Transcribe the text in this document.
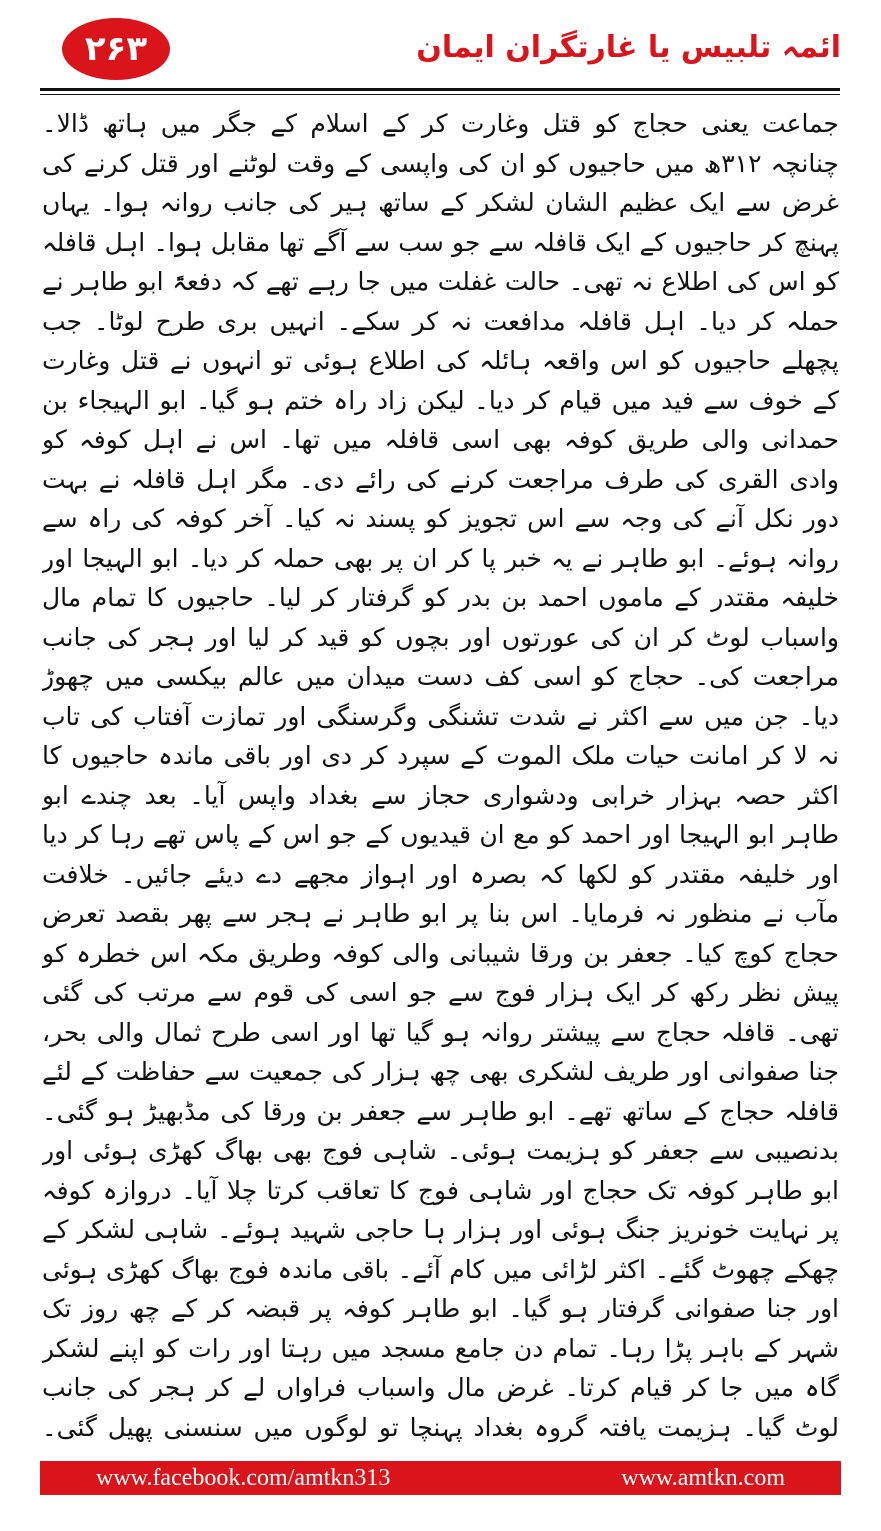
۲۶۳	ائمہ تلبیس یا غارتگران ایمان

جماعت یعنی حجاج کو قتل وغارت کر کے اسلام کے جگر میں ہاتھ ڈالا۔ چنانچہ ۳۱۲ھ میں حاجیوں کو ان کی واپسی کے وقت لوٹنے اور قتل کرنے کی غرض سے ایک عظیم الشان لشکر کے ساتھ ہیر کی جانب روانہ ہوا۔ یہاں پہنچ کر حاجیوں کے ایک قافلہ سے جو سب سے آگے تھا مقابل ہوا۔ اہل قافلہ کو اس کی اطلاع نہ تھی۔ حالت غفلت میں جا رہے تھے کہ دفعۃً ابو طاہر نے حملہ کر دیا۔ اہل قافلہ مدافعت نہ کر سکے۔ انہیں بری طرح لوٹا۔ جب پچھلے حاجیوں کو اس واقعہ ہائلہ کی اطلاع ہوئی تو انہوں نے قتل وغارت کے خوف سے فید میں قیام کر دیا۔ لیکن زاد راہ ختم ہو گیا۔ ابو الہیجاء بن حمدانی والی طریق کوفہ بھی اسی قافلہ میں تھا۔ اس نے اہل کوفہ کو وادی القری کی طرف مراجعت کرنے کی رائے دی۔ مگر اہل قافلہ نے بہت دور نکل آنے کی وجہ سے اس تجویز کو پسند نہ کیا۔ آخر کوفہ کی راہ سے روانہ ہوئے۔ ابو طاہر نے یہ خبر پا کر ان پر بھی حملہ کر دیا۔ ابو الہیجا اور خلیفہ مقتدر کے ماموں احمد بن بدر کو گرفتار کر لیا۔ حاجیوں کا تمام مال واسباب لوٹ کر ان کی عورتوں اور بچوں کو قید کر لیا اور ہجر کی جانب مراجعت کی۔ حجاج کو اسی کف دست میدان میں عالم بیکسی میں چھوڑ دیا۔ جن میں سے اکثر نے شدت تشنگی وگرسنگی اور تمازت آفتاب کی تاب نہ لا کر امانت حیات ملک الموت کے سپرد کر دی اور باقی ماندہ حاجیوں کا اکثر حصہ بہزار خرابی ودشواری حجاز سے بغداد واپس آیا۔ بعد چندے ابو طاہر ابو الہیجا اور احمد کو مع ان قیدیوں کے جو اس کے پاس تھے رہا کر دیا اور خلیفہ مقتدر کو لکھا کہ بصرہ اور اہواز مجھے دے دیئے جائیں۔ خلافت مآب نے منظور نہ فرمایا۔ اس بنا پر ابو طاہر نے ہجر سے پھر بقصد تعرض حجاج کوچ کیا۔ جعفر بن ورقا شیبانی والی کوفہ وطریق مکہ اس خطرہ کو پیش نظر رکھ کر ایک ہزار فوج سے جو اسی کی قوم سے مرتب کی گئی تھی۔ قافلہ حجاج سے پیشتر روانہ ہو گیا تھا اور اسی طرح ثمال والی بحر، جنا صفوانی اور طریف لشکری بھی چھ ہزار کی جمعیت سے حفاظت کے لئے قافلہ حجاج کے ساتھ تھے۔ ابو طاہر سے جعفر بن ورقا کی مڈبھیڑ ہو گئی۔ بدنصیبی سے جعفر کو ہزیمت ہوئی۔ شاہی فوج بھی بھاگ کھڑی ہوئی اور ابو طاہر کوفہ تک حجاج اور شاہی فوج کا تعاقب کرتا چلا آیا۔ دروازہ کوفہ پر نہایت خونریز جنگ ہوئی اور ہزار ہا حاجی شہید ہوئے۔ شاہی لشکر کے چھکے چھوٹ گئے۔ اکثر لڑائی میں کام آئے۔ باقی ماندہ فوج بھاگ کھڑی ہوئی اور جنا صفوانی گرفتار ہو گیا۔ ابو طاہر کوفہ پر قبضہ کر کے چھ روز تک شہر کے باہر پڑا رہا۔ تمام دن جامع مسجد میں رہتا اور رات کو اپنے لشکر گاہ میں جا کر قیام کرتا۔ غرض مال واسباب فراواں لے کر ہجر کی جانب لوٹ گیا۔ ہزیمت یافتہ گروہ بغداد پہنچا تو لوگوں میں سنسنی پھیل گئی۔

www.facebook.com/amtkn313	www.amtkn.com
